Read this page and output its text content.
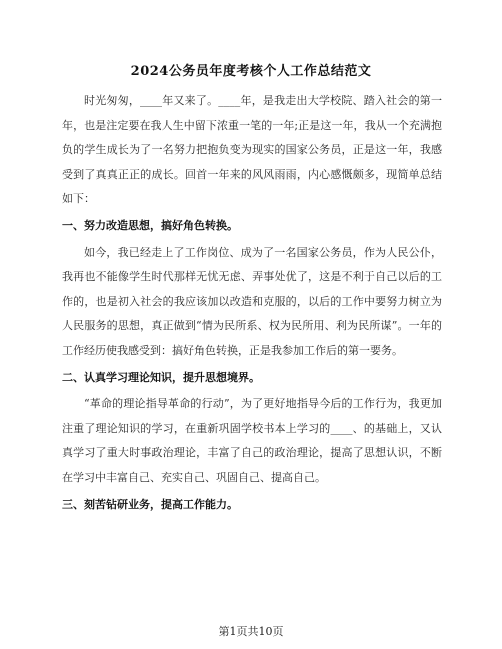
2024公务员年度考核个人工作总结范文

时光匆匆，____年又来了。____年，是我走出大学校院、踏入社会的第一年，也是注定要在我人生中留下浓重一笔的一年;正是这一年，我从一个充满抱负的学生成长为了一名努力把抱负变为现实的国家公务员，正是这一年，我感受到了真真正正的成长。回首一年来的风风雨雨，内心感慨颇多，现简单总结如下：

一、努力改造思想，搞好角色转换。

如今，我已经走上了工作岗位、成为了一名国家公务员，作为人民公仆，我再也不能像学生时代那样无忧无虑、弄事处优了，这是不利于自己以后的工作的，也是初入社会的我应该加以改造和克服的，以后的工作中要努力树立为人民服务的思想，真正做到“情为民所系、权为民所用、利为民所谋”。一年的工作经历使我感受到：搞好角色转换，正是我参加工作后的第一要务。

二、认真学习理论知识，提升思想境界。

“革命的理论指导革命的行动”，为了更好地指导今后的工作行为，我更加注重了理论知识的学习，在重新巩固学校书本上学习的____、的基础上，又认真学习了重大时事政治理论，丰富了自己的政治理论，提高了思想认识，不断在学习中丰富自己、充实自己、巩固自己、提高自己。

三、刻苦钻研业务，提高工作能力。

第1页共10页
